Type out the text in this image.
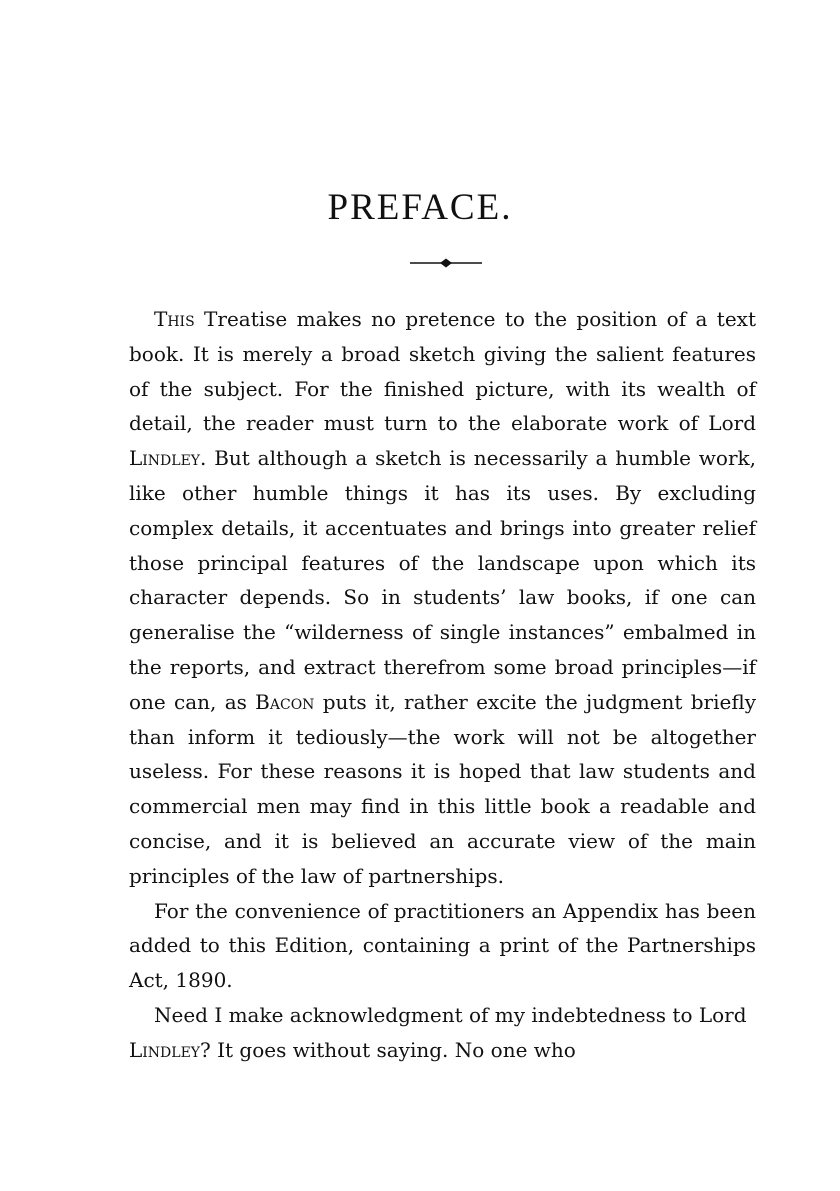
PREFACE.

This Treatise makes no pretence to the position of a text book. It is merely a broad sketch giving the salient features of the subject. For the finished picture, with its wealth of detail, the reader must turn to the elaborate work of Lord Lindley. But although a sketch is necessarily a humble work, like other humble things it has its uses. By excluding complex details, it accentuates and brings into greater relief those principal features of the landscape upon which its character depends. So in students’ law books, if one can generalise the “wilderness of single instances” embalmed in the reports, and extract therefrom some broad principles—if one can, as Bacon puts it, rather excite the judgment briefly than inform it tediously—the work will not be altogether useless. For these reasons it is hoped that law students and commercial men may find in this little book a readable and concise, and it is believed an accurate view of the main principles of the law of partnerships.

For the convenience of practitioners an Appendix has been added to this Edition, containing a print of the Partnerships Act, 1890.

Need I make acknowledgment of my indebtedness to Lord Lindley? It goes without saying. No one who
